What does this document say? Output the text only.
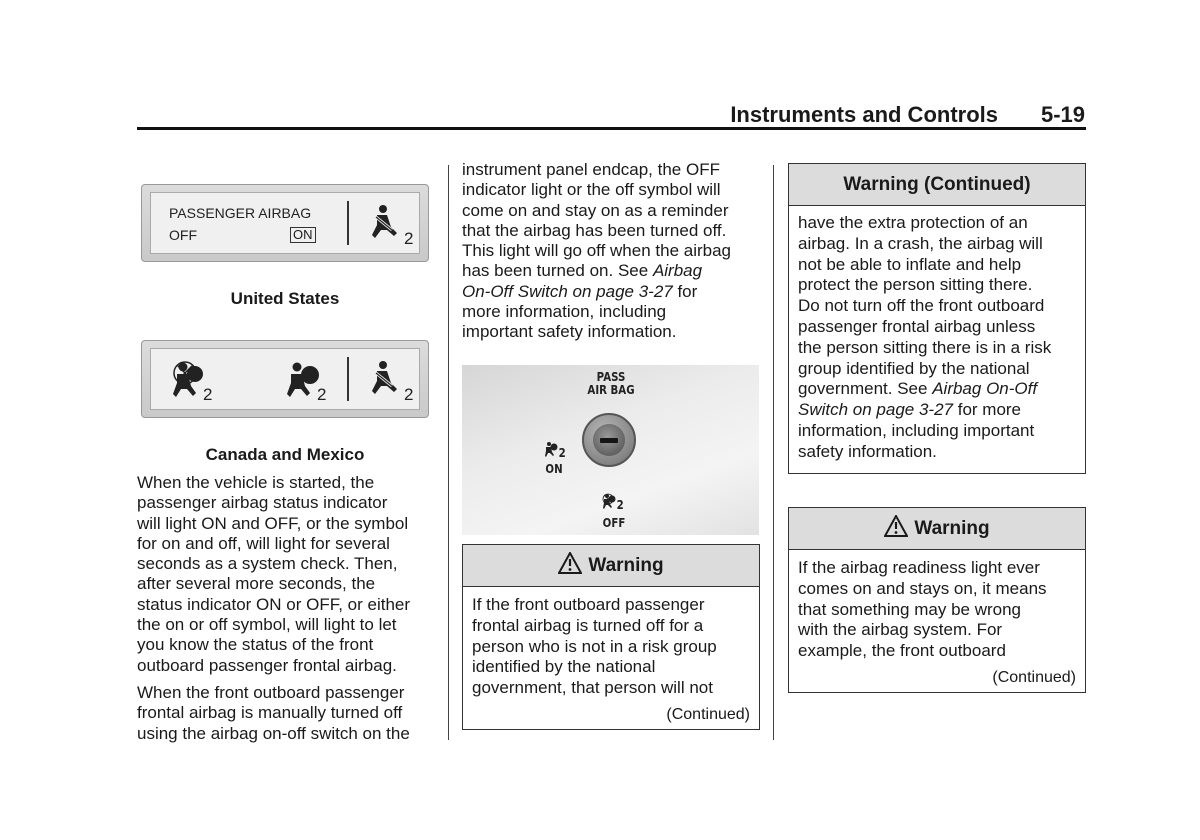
Instruments and Controls	5-19
PASSENGER AIRBAG
OFF	ON	2
United States
2	2	2
Canada and Mexico
When the vehicle is started, the
passenger airbag status indicator
will light ON and OFF, or the symbol
for on and off, will light for several
seconds as a system check. Then,
after several more seconds, the
status indicator ON or OFF, or either
the on or off symbol, will light to let
you know the status of the front
outboard passenger frontal airbag.
When the front outboard passenger
frontal airbag is manually turned off
using the airbag on-off switch on the
instrument panel endcap, the OFF
indicator light or the off symbol will
come on and stay on as a reminder
that the airbag has been turned off.
This light will go off when the airbag
has been turned on. See Airbag
On-Off Switch on page 3-27 for
more information, including
important safety information.
PASS
AIR BAG
2
ON
2
OFF
Warning
If the front outboard passenger
frontal airbag is turned off for a
person who is not in a risk group
identified by the national
government, that person will not
(Continued)
Warning (Continued)
have the extra protection of an
airbag. In a crash, the airbag will
not be able to inflate and help
protect the person sitting there.
Do not turn off the front outboard
passenger frontal airbag unless
the person sitting there is in a risk
group identified by the national
government. See Airbag On-Off
Switch on page 3-27 for more
information, including important
safety information.
Warning
If the airbag readiness light ever
comes on and stays on, it means
that something may be wrong
with the airbag system. For
example, the front outboard
(Continued)
